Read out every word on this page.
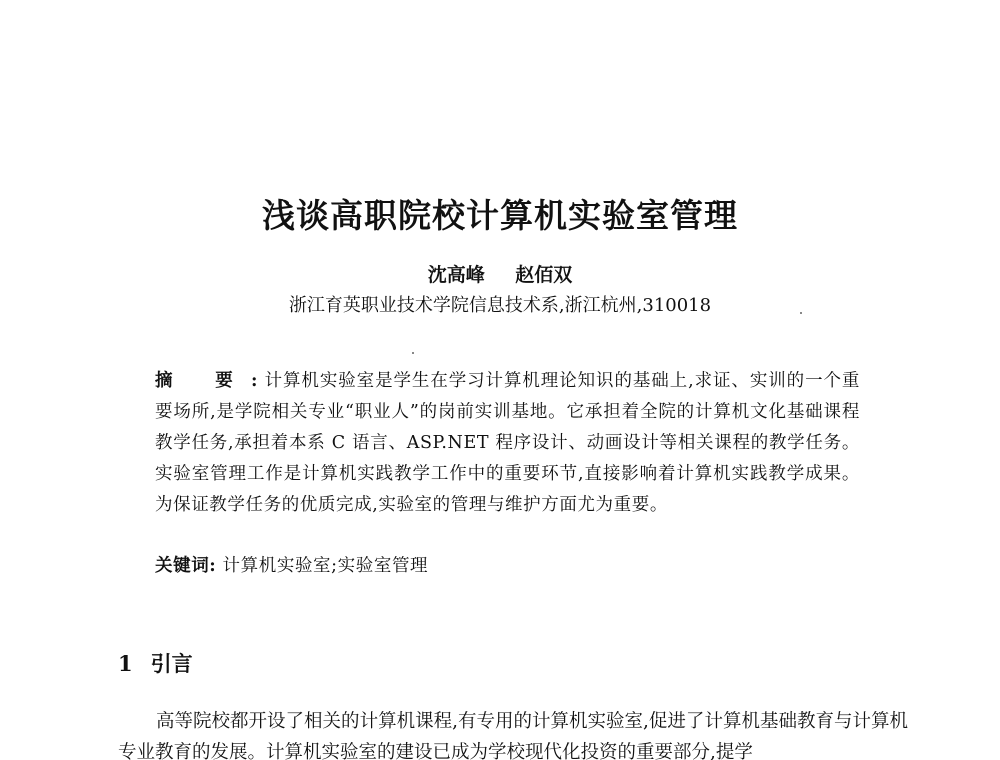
浅谈高职院校计算机实验室管理
沈高峰 赵佰双
浙江育英职业技术学院信息技术系,浙江杭州,310018
摘 要: 计算机实验室是学生在学习计算机理论知识的基础上,求证、实训的一个重要场所,是学院相关专业“职业人”的岗前实训基地。它承担着全院的计算机文化基础课程教学任务,承担着本系 C 语言、ASP.NET 程序设计、动画设计等相关课程的教学任务。实验室管理工作是计算机实践教学工作中的重要环节,直接影响着计算机实践教学成果。为保证教学任务的优质完成,实验室的管理与维护方面尤为重要。
关键词: 计算机实验室;实验室管理
1 引言
高等院校都开设了相关的计算机课程,有专用的计算机实验室,促进了计算机基础教育与计算机专业教育的发展。计算机实验室的建设已成为学校现代化投资的重要部分,提学
